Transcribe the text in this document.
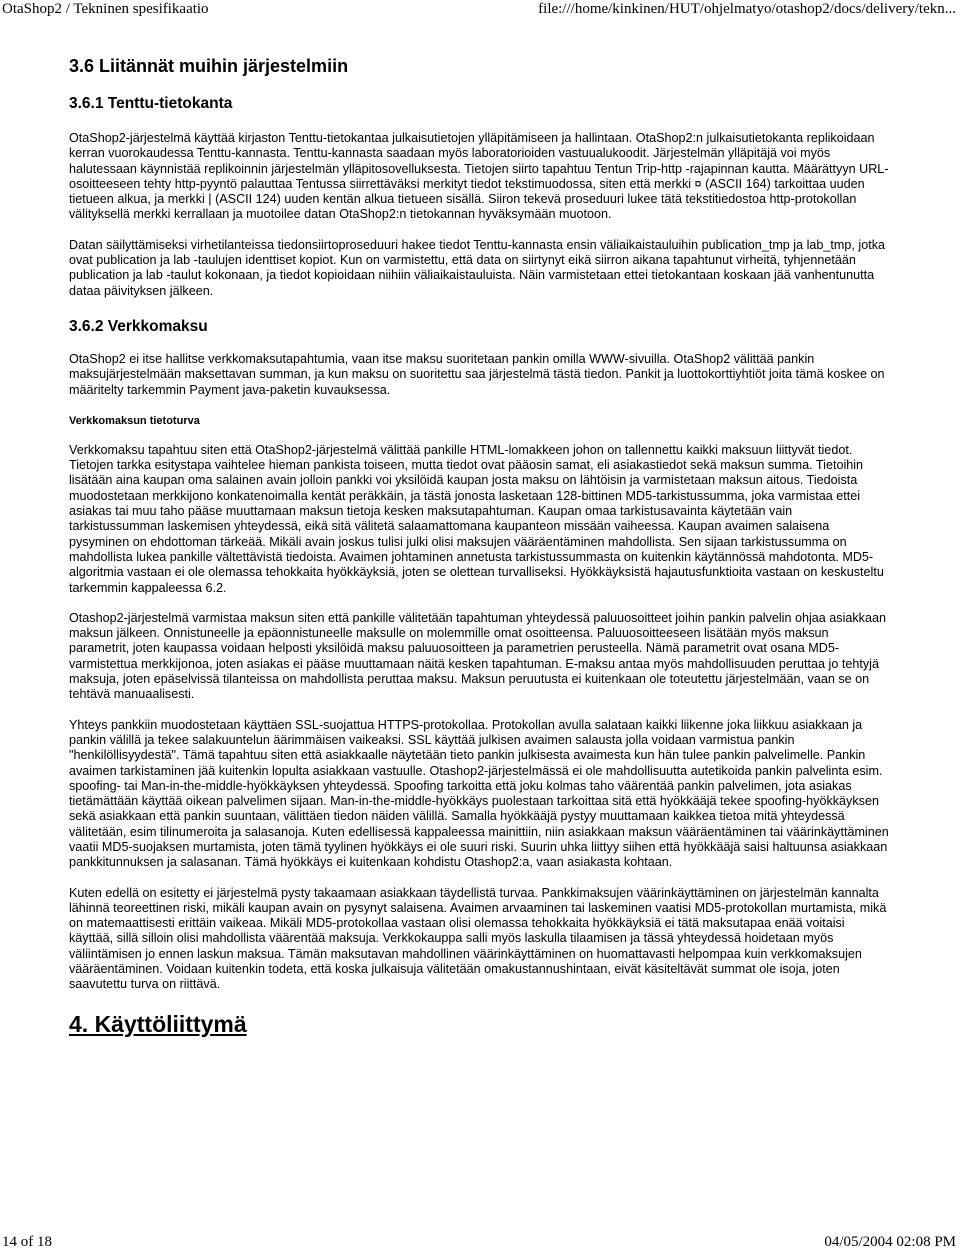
OtaShop2 / Tekninen spesifikaatio	file:///home/kinkinen/HUT/ohjelmatyo/otashop2/docs/delivery/tekn...
3.6 Liitännät muihin järjestelmiin
3.6.1 Tenttu-tietokanta

OtaShop2-järjestelmä käyttää kirjaston Tenttu-tietokantaa julkaisutietojen ylläpitämiseen ja hallintaan. OtaShop2:n julkaisutietokanta replikoidaan kerran vuorokaudessa Tenttu-kannasta. Tenttu-kannasta saadaan myös laboratorioiden vastuualukoodit. Järjestelmän ylläpitäjä voi myös halutessaan käynnistää replikoinnin järjestelmän ylläpitosovelluksesta. Tietojen siirto tapahtuu Tentun Trip-http -rajapinnan kautta. Määrättyyn URL-osoitteeseen tehty http-pyyntö palauttaa Tentussa siirrettäväksi merkityt tiedot tekstimuodossa, siten että merkki ¤ (ASCII 164) tarkoittaa uuden tietueen alkua, ja merkki | (ASCII 124) uuden kentän alkua tietueen sisällä. Siiron tekevä proseduuri lukee tätä tekstitiedostoa http-protokollan välityksellä merkki kerrallaan ja muotoilee datan OtaShop2:n tietokannan hyväksymään muotoon.

Datan säilyttämiseksi virhetilanteissa tiedonsiirtoproseduuri hakee tiedot Tenttu-kannasta ensin väliaikaistauluihin publication_tmp ja lab_tmp, jotka ovat publication ja lab -taulujen identtiset kopiot. Kun on varmistettu, että data on siirtynyt eikä siirron aikana tapahtunut virheitä, tyhjennetään publication ja lab -taulut kokonaan, ja tiedot kopioidaan niihiin väliaikaistauluista. Näin varmistetaan ettei tietokantaan koskaan jää vanhentunutta dataa päivityksen jälkeen.

3.6.2 Verkkomaksu

OtaShop2 ei itse hallitse verkkomaksutapahtumia, vaan itse maksu suoritetaan pankin omilla WWW-sivuilla. OtaShop2 välittää pankin maksujärjestelmään maksettavan summan, ja kun maksu on suoritettu saa järjestelmä tästä tiedon. Pankit ja luottokorttiyhtiöt joita tämä koskee on määritelty tarkemmin Payment java-paketin kuvauksessa.

Verkkomaksun tietoturva

Verkkomaksu tapahtuu siten että OtaShop2-järjestelmä välittää pankille HTML-lomakkeen johon on tallennettu kaikki maksuun liittyvät tiedot. Tietojen tarkka esitystapa vaihtelee hieman pankista toiseen, mutta tiedot ovat pääosin samat, eli asiakastiedot sekä maksun summa. Tietoihin lisätään aina kaupan oma salainen avain jolloin pankki voi yksilöidä kaupan josta maksu on lähtöisin ja varmistetaan maksun aitous. Tiedoista muodostetaan merkkijono konkatenoimalla kentät peräkkäin, ja tästä jonosta lasketaan 128-bittinen MD5-tarkistussumma, joka varmistaa ettei asiakas tai muu taho pääse muuttamaan maksun tietoja kesken maksutapahtuman. Kaupan omaa tarkistusavainta käytetään vain tarkistussumman laskemisen yhteydessä, eikä sitä välitetä salaamattomana kaupanteon missään vaiheessa. Kaupan avaimen salaisena pysyminen on ehdottoman tärkeää. Mikäli avain joskus tulisi julki olisi maksujen vääräentäminen mahdollista. Sen sijaan tarkistussumma on mahdollista lukea pankille vältettävistä tiedoista. Avaimen johtaminen annetusta tarkistussummasta on kuitenkin käytännössä mahdotonta. MD5-algoritmia vastaan ei ole olemassa tehokkaita hyökkäyksiä, joten se olettean turvalliseksi. Hyökkäyksistä hajautusfunktioita vastaan on keskusteltu tarkemmin kappaleessa 6.2.

Otashop2-järjestelmä varmistaa maksun siten että pankille välitetään tapahtuman yhteydessä paluuosoitteet joihin pankin palvelin ohjaa asiakkaan maksun jälkeen. Onnistuneelle ja epäonnistuneelle maksulle on molemmille omat osoitteensa. Paluuosoitteeseen lisätään myös maksun parametrit, joten kaupassa voidaan helposti yksilöidä maksu paluuosoitteen ja parametrien perusteella. Nämä parametrit ovat osana MD5-varmistettua merkkijonoa, joten asiakas ei pääse muuttamaan näitä kesken tapahtuman. E-maksu antaa myös mahdollisuuden peruttaa jo tehtyjä maksuja, joten epäselvissä tilanteissa on mahdollista peruttaa maksu. Maksun peruutusta ei kuitenkaan ole toteutettu järjestelmään, vaan se on tehtävä manuaalisesti.

Yhteys pankkiin muodostetaan käyttäen SSL-suojattua HTTPS-protokollaa. Protokollan avulla salataan kaikki liikenne joka liikkuu asiakkaan ja pankin välillä ja tekee salakuuntelun äärimmäisen vaikeaksi. SSL käyttää julkisen avaimen salausta jolla voidaan varmistua pankin "henkilöllisyydestä". Tämä tapahtuu siten että asiakkaalle näytetään tieto pankin julkisesta avaimesta kun hän tulee pankin palvelimelle. Pankin avaimen tarkistaminen jää kuitenkin lopulta asiakkaan vastuulle. Otashop2-järjestelmässä ei ole mahdollisuutta autetikoida pankin palvelinta esim. spoofing- tai Man-in-the-middle-hyökkäyksen yhteydessä. Spoofing tarkoitta että joku kolmas taho väärentää pankin palvelimen, jota asiakas tietämättään käyttää oikean palvelimen sijaan. Man-in-the-middle-hyökkäys puolestaan tarkoittaa sitä että hyökkääjä tekee spoofing-hyökkäyksen sekä asiakkaan että pankin suuntaan, välittäen tiedon näiden välillä. Samalla hyökkääjä pystyy muuttamaan kaikkea tietoa mitä yhteydessä välitetään, esim tilinumeroita ja salasanoja. Kuten edellisessä kappaleessa mainittiin, niin asiakkaan maksun vääräentäminen tai väärinkäyttäminen vaatii MD5-suojaksen murtamista, joten tämä tyylinen hyökkäys ei ole suuri riski. Suurin uhka liittyy siihen että hyökkääjä saisi haltuunsa asiakkaan pankkitunnuksen ja salasanan. Tämä hyökkäys ei kuitenkaan kohdistu Otashop2:a, vaan asiakasta kohtaan.

Kuten edellä on esitetty ei järjestelmä pysty takaamaan asiakkaan täydellistä turvaa. Pankkimaksujen väärinkäyttäminen on järjestelmän kannalta lähinnä teoreettinen riski, mikäli kaupan avain on pysynyt salaisena. Avaimen arvaaminen tai laskeminen vaatisi MD5-protokollan murtamista, mikä on matemaattisesti erittäin vaikeaa. Mikäli MD5-protokollaa vastaan olisi olemassa tehokkaita hyökkäyksiä ei tätä maksutapaa enää voitaisi käyttää, sillä silloin olisi mahdollista väärentää maksuja. Verkkokauppa salli myös laskulla tilaamisen ja tässä yhteydessä hoidetaan myös väliintämisen jo ennen laskun maksua. Tämän maksutavan mahdollinen väärinkäyttäminen on huomattavasti helpompaa kuin verkkomaksujen vääräentäminen. Voidaan kuitenkin todeta, että koska julkaisuja välitetään omakustannushintaan, eivät käsiteltävät summat ole isoja, joten saavutettu turva on riittävä.

4. Käyttöliittymä
14 of 18	04/05/2004 02:08 PM
